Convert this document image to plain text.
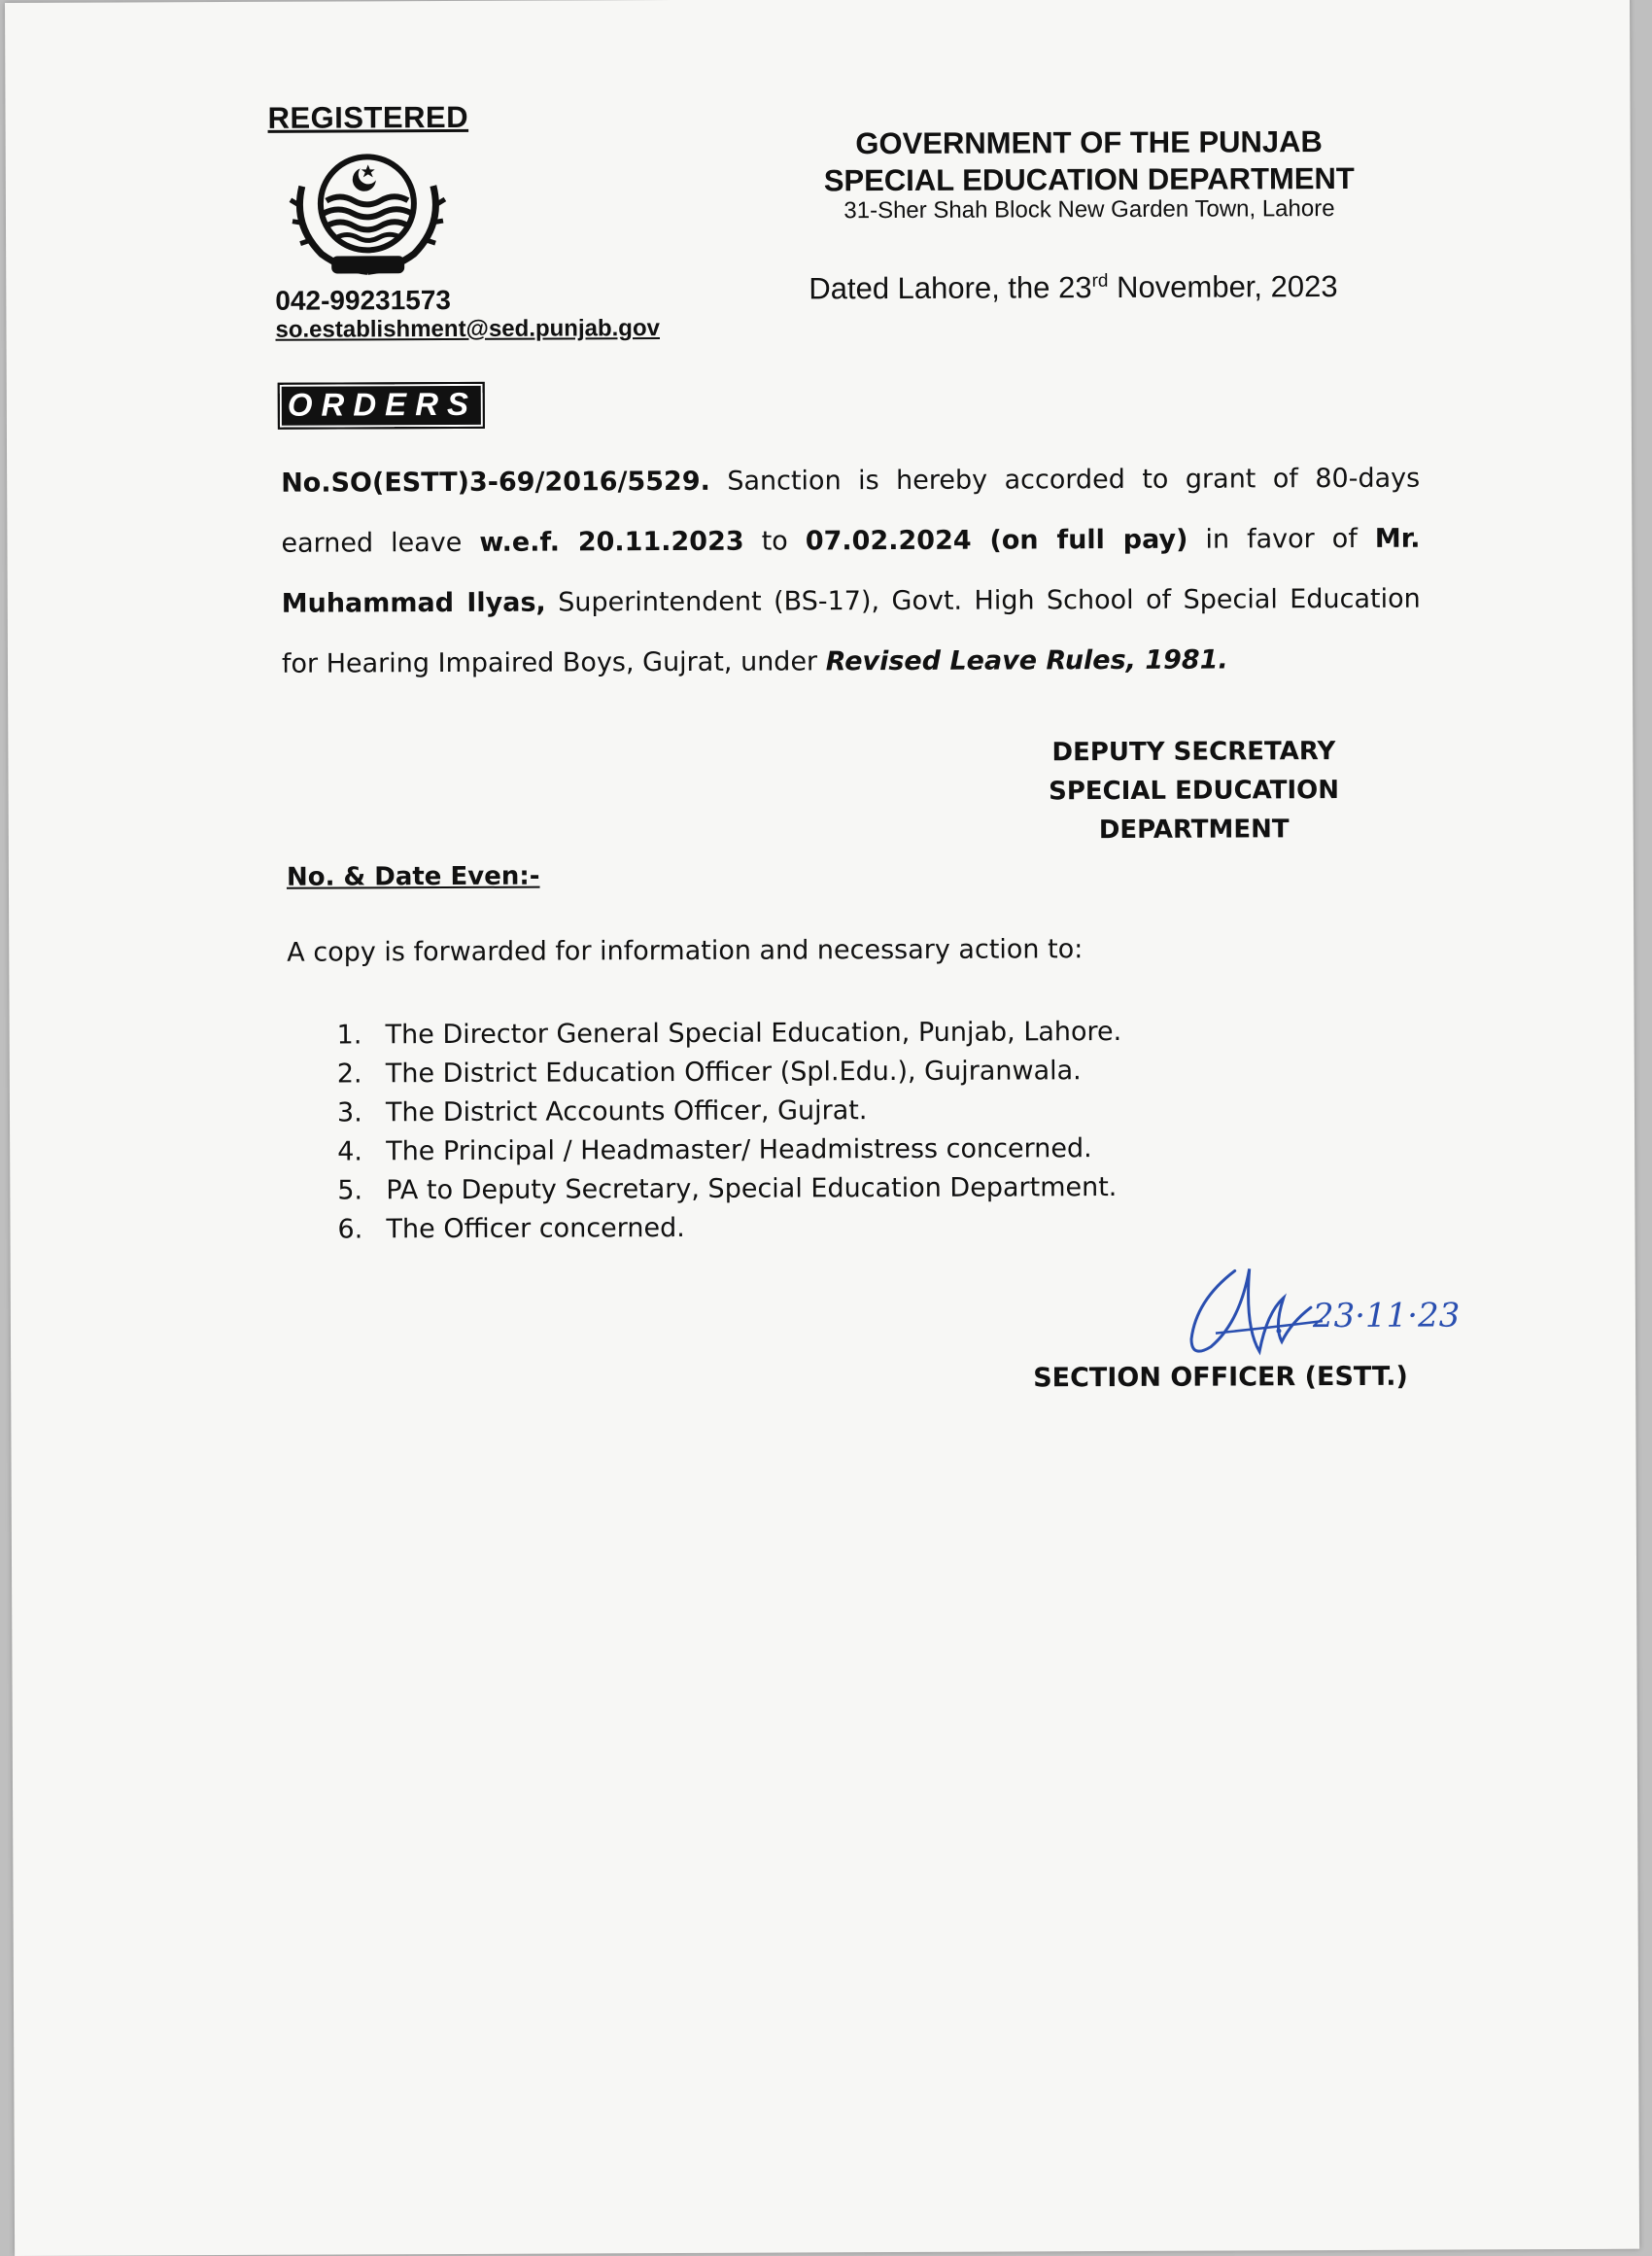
REGISTERED
042-99231573
so.establishment@sed.punjab.gov
GOVERNMENT OF THE PUNJAB
SPECIAL EDUCATION DEPARTMENT
31-Sher Shah Block New Garden Town, Lahore
Dated Lahore, the 23rd November, 2023
ORDERS
No.SO(ESTT)3-69/2016/5529. Sanction is hereby accorded to grant of 80-days earned leave w.e.f. 20.11.2023 to 07.02.2024 (on full pay) in favor of Mr. Muhammad Ilyas, Superintendent (BS-17), Govt. High School of Special Education for Hearing Impaired Boys, Gujrat, under Revised Leave Rules, 1981.
DEPUTY SECRETARY
SPECIAL EDUCATION
DEPARTMENT
No. & Date Even:-
A copy is forwarded for information and necessary action to:
1. The Director General Special Education, Punjab, Lahore.
2. The District Education Officer (Spl.Edu.), Gujranwala.
3. The District Accounts Officer, Gujrat.
4. The Principal / Headmaster/ Headmistress concerned.
5. PA to Deputy Secretary, Special Education Department.
6. The Officer concerned.
23·11·23
SECTION OFFICER (ESTT.)
